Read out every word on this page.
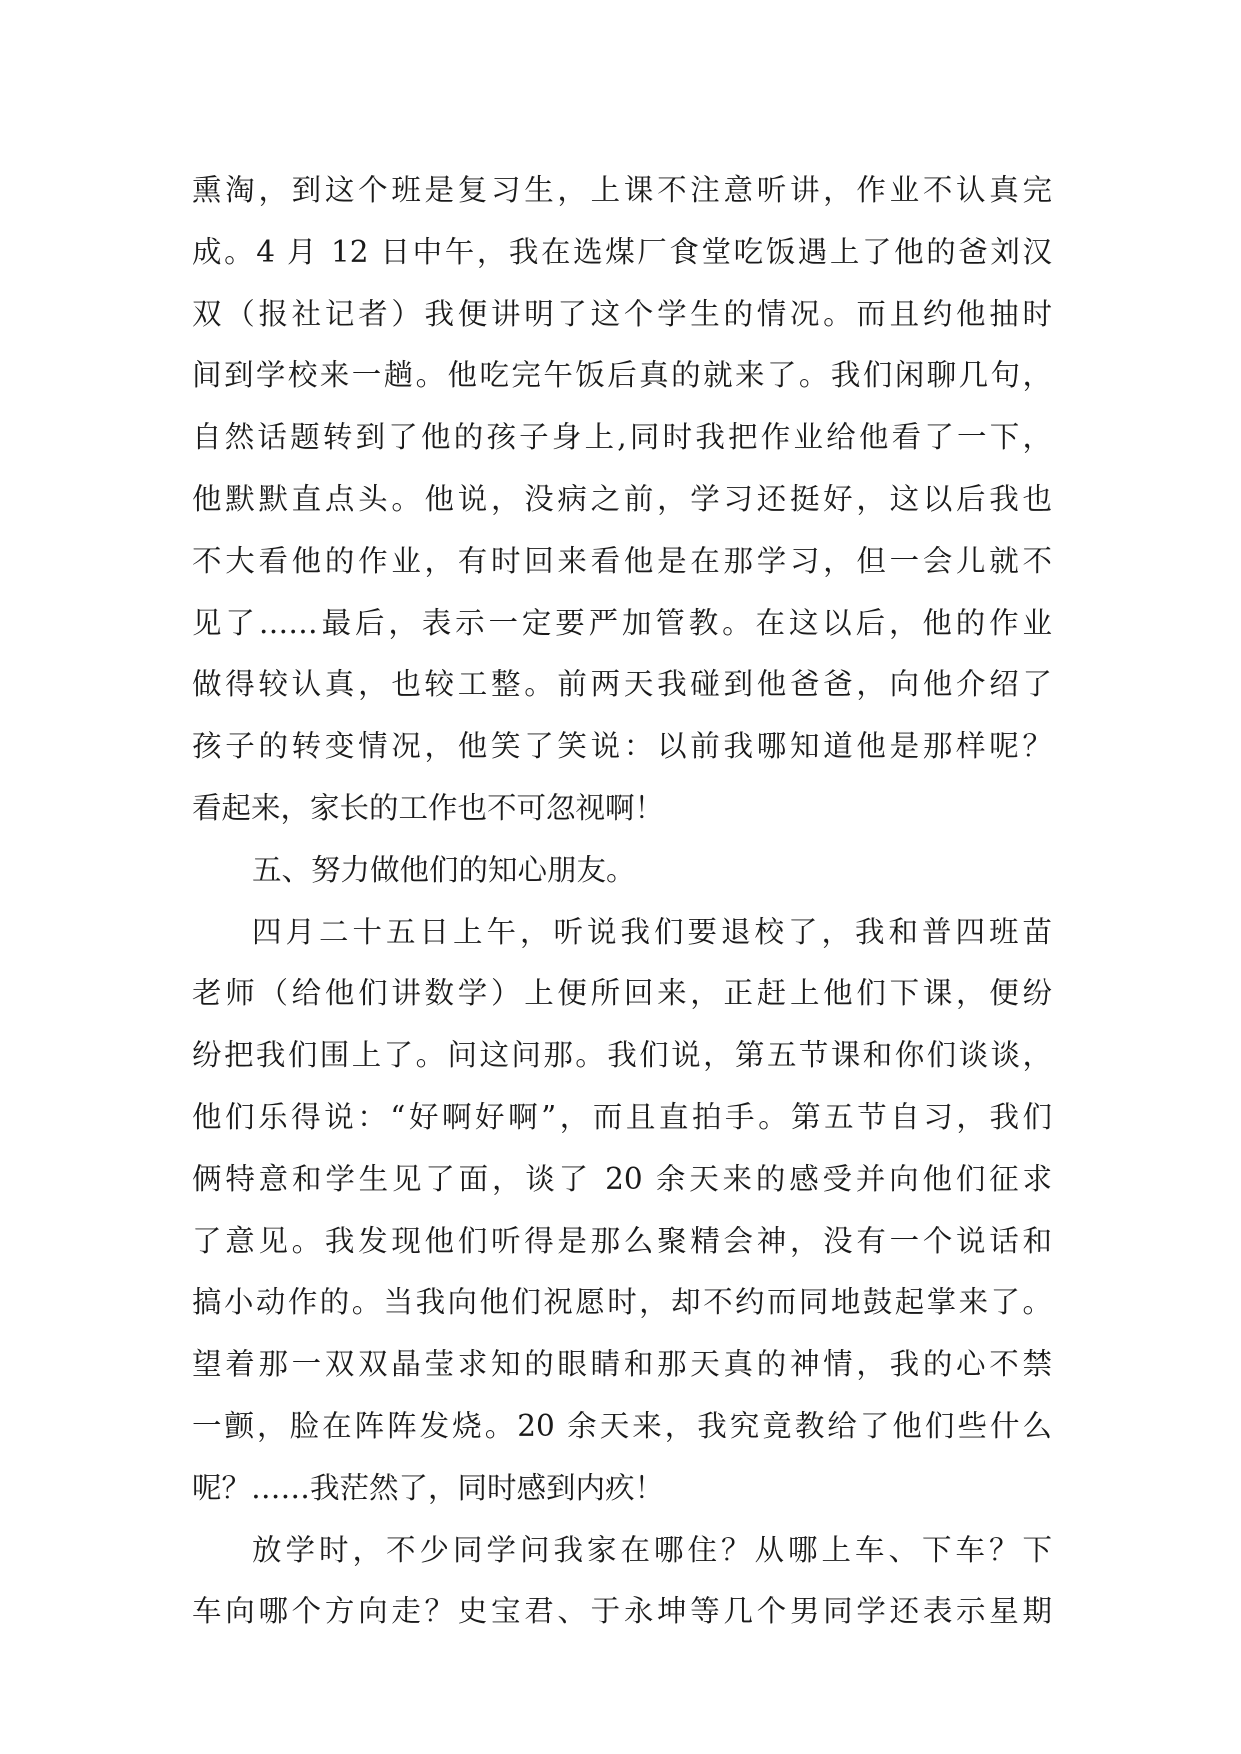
熏淘，到这个班是复习生，上课不注意听讲，作业不认真完
成。4 月 12 日中午，我在选煤厂食堂吃饭遇上了他的爸刘汉
双（报社记者）我便讲明了这个学生的情况。而且约他抽时
间到学校来一趟。他吃完午饭后真的就来了。我们闲聊几句，
自然话题转到了他的孩子身上,同时我把作业给他看了一下，
他默默直点头。他说，没病之前，学习还挺好，这以后我也
不大看他的作业，有时回来看他是在那学习，但一会儿就不
见了……最后，表示一定要严加管教。在这以后，他的作业
做得较认真，也较工整。前两天我碰到他爸爸，向他介绍了
孩子的转变情况，他笑了笑说：以前我哪知道他是那样呢？
看起来，家长的工作也不可忽视啊！
五、努力做他们的知心朋友。
四月二十五日上午，听说我们要退校了，我和普四班苗
老师（给他们讲数学）上便所回来，正赶上他们下课，便纷
纷把我们围上了。问这问那。我们说，第五节课和你们谈谈，
他们乐得说：“好啊好啊”，而且直拍手。第五节自习，我们
俩特意和学生见了面，谈了 20 余天来的感受并向他们征求
了意见。我发现他们听得是那么聚精会神，没有一个说话和
搞小动作的。当我向他们祝愿时，却不约而同地鼓起掌来了。
望着那一双双晶莹求知的眼睛和那天真的神情，我的心不禁
一颤，脸在阵阵发烧。20 余天来，我究竟教给了他们些什么
呢？……我茫然了，同时感到内疚！
放学时，不少同学问我家在哪住？从哪上车、下车？下
车向哪个方向走？史宝君、于永坤等几个男同学还表示星期
